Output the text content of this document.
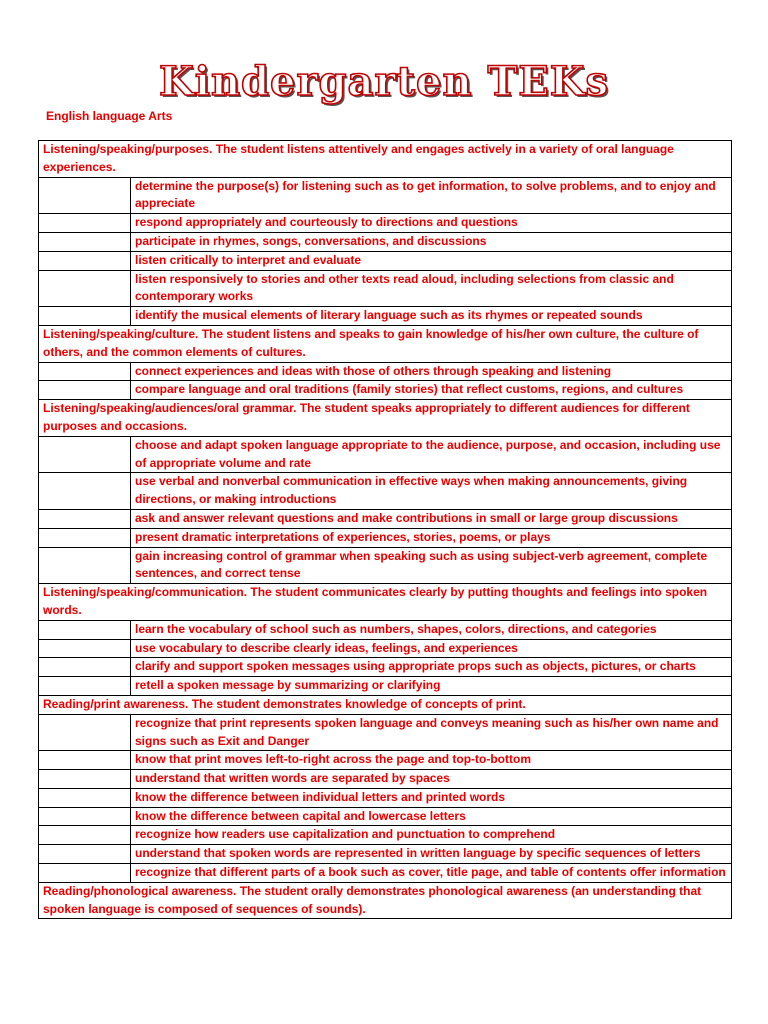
Kindergarten TEKs
English language Arts
Listening/speaking/purposes. The student listens attentively and engages actively in a variety of oral language experiences.	
	determine the purpose(s) for listening such as to get information, to solve problems, and to enjoy and appreciate
	respond appropriately and courteously to directions and questions
	participate in rhymes, songs, conversations, and discussions
	listen critically to interpret and evaluate
	listen responsively to stories and other texts read aloud, including selections from classic and contemporary works
	identify the musical elements of literary language such as its rhymes or repeated sounds
Listening/speaking/culture. The student listens and speaks to gain knowledge of his/her own culture, the culture of others, and the common elements of cultures.	
	connect experiences and ideas with those of others through speaking and listening
	compare language and oral traditions (family stories) that reflect customs, regions, and cultures
Listening/speaking/audiences/oral grammar. The student speaks appropriately to different audiences for different purposes and occasions.	
	choose and adapt spoken language appropriate to the audience, purpose, and occasion, including use of appropriate volume and rate
	use verbal and nonverbal communication in effective ways when making announcements, giving directions, or making introductions
	ask and answer relevant questions and make contributions in small or large group discussions
	present dramatic interpretations of experiences, stories, poems, or plays
	gain increasing control of grammar when speaking such as using subject-verb agreement, complete sentences, and correct tense
Listening/speaking/communication. The student communicates clearly by putting thoughts and feelings into spoken words.	
	learn the vocabulary of school such as numbers, shapes, colors, directions, and categories
	use vocabulary to describe clearly ideas, feelings, and experiences
	clarify and support spoken messages using appropriate props such as objects, pictures, or charts
	retell a spoken message by summarizing or clarifying
Reading/print awareness. The student demonstrates knowledge of concepts of print.	
	recognize that print represents spoken language and conveys meaning such as his/her own name and signs such as Exit and Danger
	know that print moves left-to-right across the page and top-to-bottom
	understand that written words are separated by spaces
	know the difference between individual letters and printed words
	know the difference between capital and lowercase letters
	recognize how readers use capitalization and punctuation to comprehend
	understand that spoken words are represented in written language by specific sequences of letters
	recognize that different parts of a book such as cover, title page, and table of contents offer information
Reading/phonological awareness. The student orally demonstrates phonological awareness (an understanding that spoken language is composed of sequences of sounds).	
